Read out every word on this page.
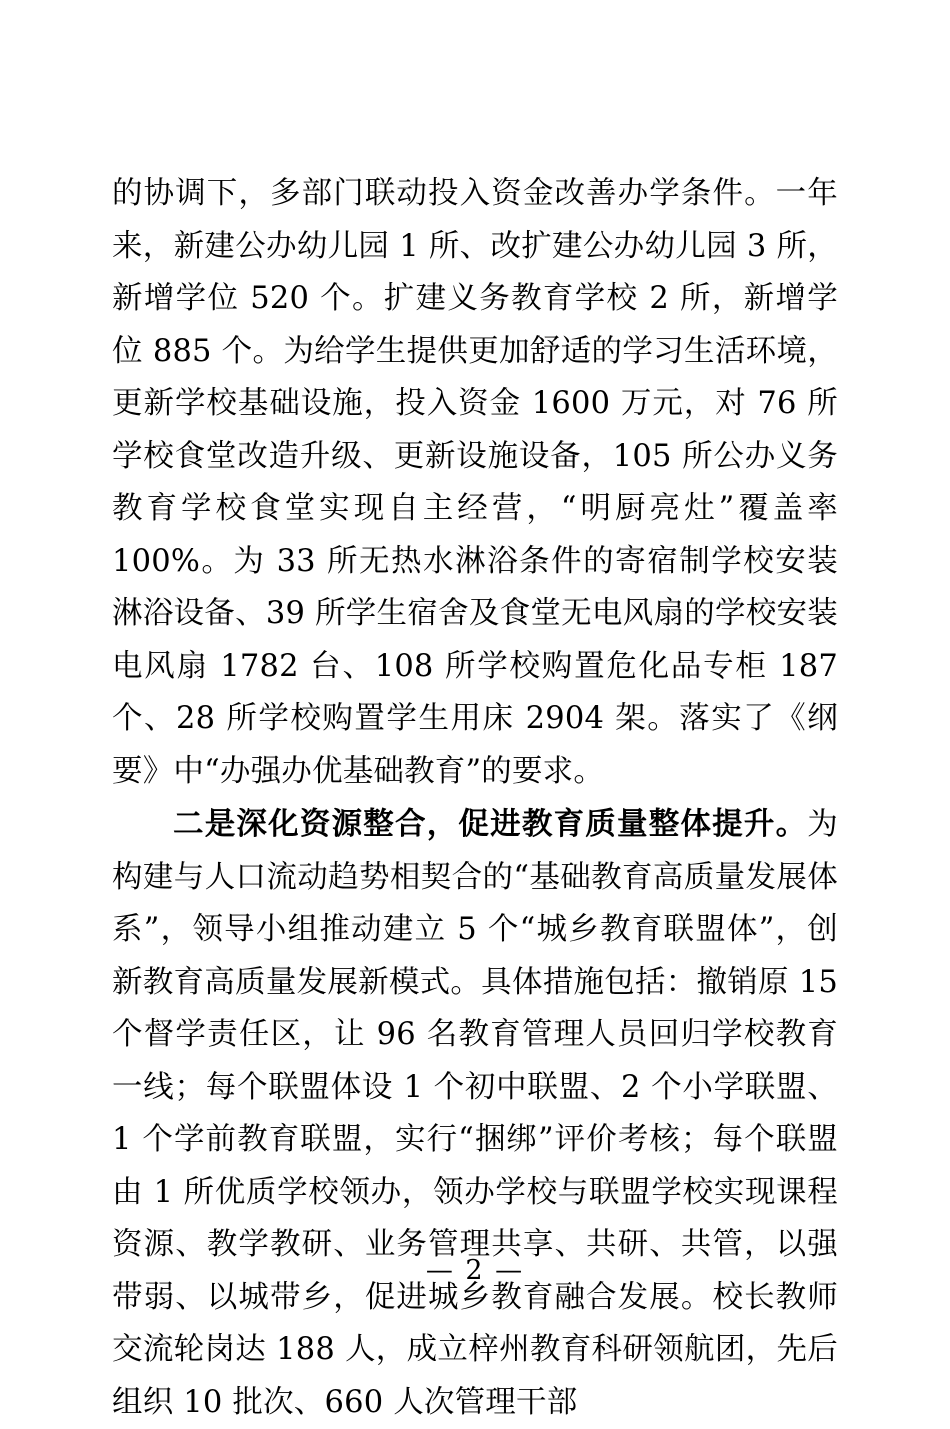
的协调下，多部门联动投入资金改善办学条件。一年来，新建公办幼儿园 1 所、改扩建公办幼儿园 3 所，新增学位 520 个。扩建义务教育学校 2 所，新增学位 885 个。为给学生提供更加舒适的学习生活环境，更新学校基础设施，投入资金 1600 万元，对 76 所学校食堂改造升级、更新设施设备，105 所公办义务教育学校食堂实现自主经营，“明厨亮灶”覆盖率 100%。为 33 所无热水淋浴条件的寄宿制学校安装淋浴设备、39 所学生宿舍及食堂无电风扇的学校安装电风扇 1782 台、108 所学校购置危化品专柜 187 个、28 所学校购置学生用床 2904 架。落实了《纲要》中“办强办优基础教育”的要求。

二是深化资源整合，促进教育质量整体提升。为构建与人口流动趋势相契合的“基础教育高质量发展体系”，领导小组推动建立 5 个“城乡教育联盟体”，创新教育高质量发展新模式。具体措施包括：撤销原 15 个督学责任区，让 96 名教育管理人员回归学校教育一线；每个联盟体设 1 个初中联盟、2 个小学联盟、1 个学前教育联盟，实行“捆绑”评价考核；每个联盟由 1 所优质学校领办，领办学校与联盟学校实现课程资源、教学教研、业务管理共享、共研、共管，以强带弱、以城带乡，促进城乡教育融合发展。校长教师交流轮岗达 188 人，成立梓州教育科研领航团，先后组织 10 批次、660 人次管理干部

— 2 —
